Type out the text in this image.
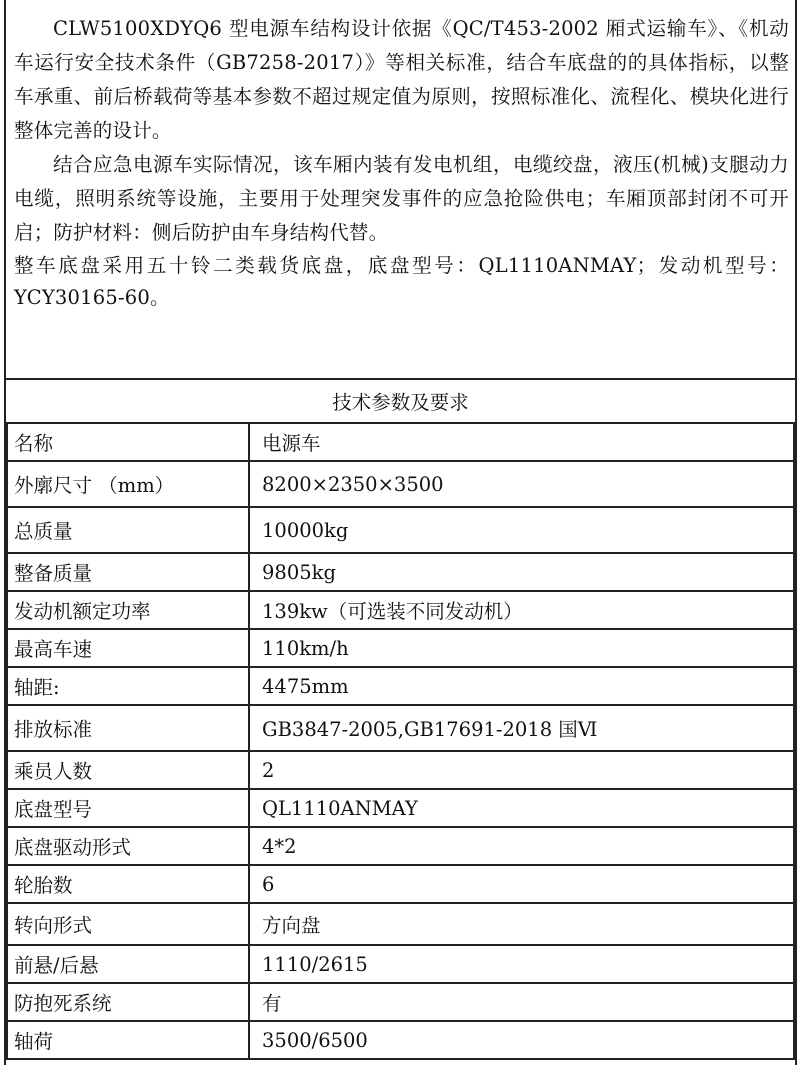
CLW5100XDYQ6 型电源车结构设计依据《QC/T453-2002 厢式运输车》、《机动车运行安全技术条件（GB7258-2017）》等相关标准，结合车底盘的的具体指标，以整车承重、前后桥载荷等基本参数不超过规定值为原则，按照标准化、流程化、模块化进行整体完善的设计。

结合应急电源车实际情况，该车厢内装有发电机组，电缆绞盘，液压(机械)支腿动力电缆，照明系统等设施，主要用于处理突发事件的应急抢险供电；车厢顶部封闭不可开启；防护材料：侧后防护由车身结构代替。

整车底盘采用五十铃二类载货底盘，底盘型号：QL1110ANMAY；发动机型号：YCY30165-60。

技术参数及要求
名称	电源车
外廓尺寸 （mm）	8200×2350×3500
总质量	10000kg
整备质量	9805kg
发动机额定功率	139kw（可选装不同发动机）
最高车速	110km/h
轴距:	4475mm
排放标准	GB3847-2005,GB17691-2018 国Ⅵ
乘员人数	2
底盘型号	QL1110ANMAY
底盘驱动形式	4*2
轮胎数	6
转向形式	方向盘
前悬/后悬	1110/2615
防抱死系统	有
轴荷	3500/6500
